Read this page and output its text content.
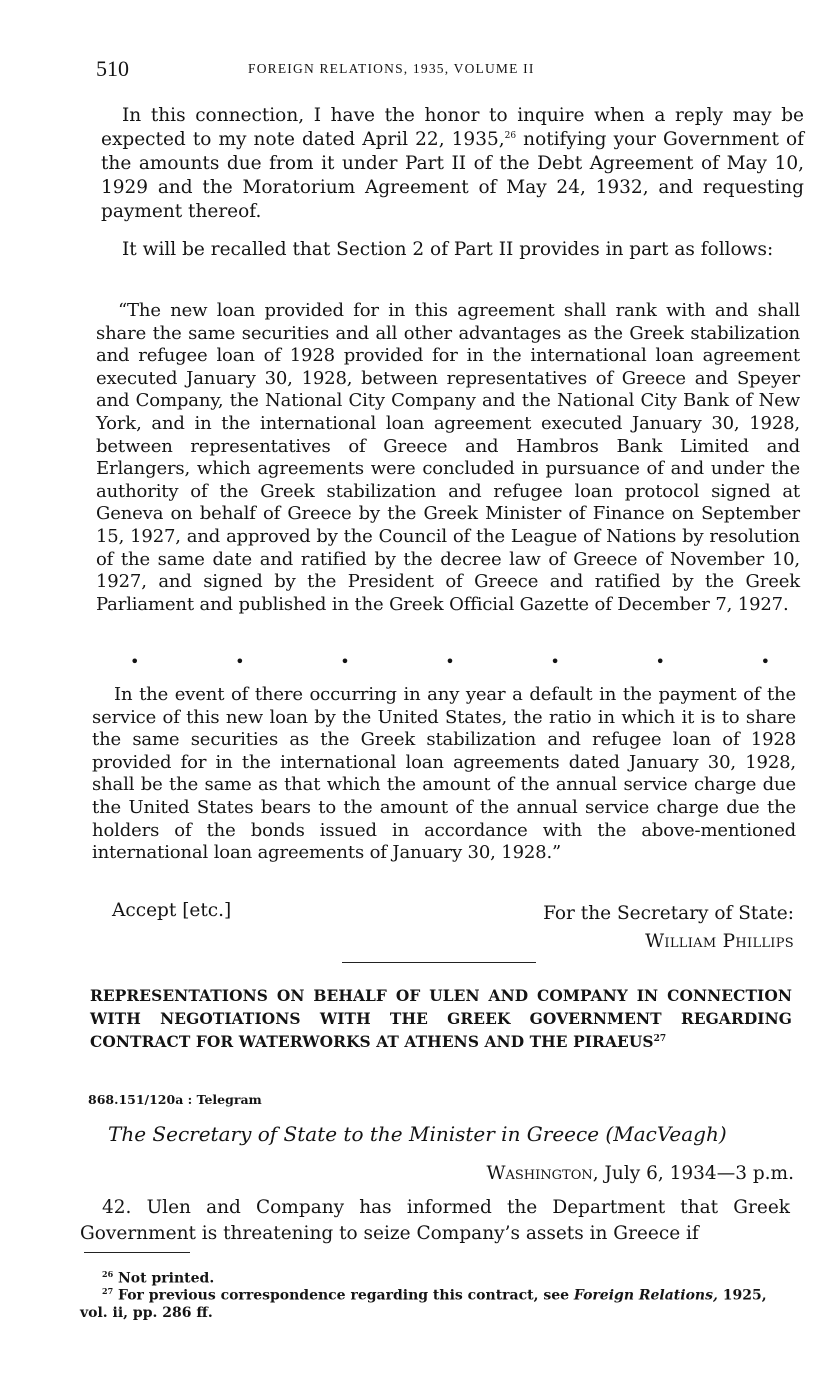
510	FOREIGN RELATIONS, 1935, VOLUME II

In this connection, I have the honor to inquire when a reply may be expected to my note dated April 22, 1935,26 notifying your Government of the amounts due from it under Part II of the Debt Agreement of May 10, 1929 and the Moratorium Agreement of May 24, 1932, and requesting payment thereof.

It will be recalled that Section 2 of Part II provides in part as follows:

“The new loan provided for in this agreement shall rank with and shall share the same securities and all other advantages as the Greek stabilization and refugee loan of 1928 provided for in the international loan agreement executed January 30, 1928, between representatives of Greece and Speyer and Company, the National City Company and the National City Bank of New York, and in the international loan agreement executed January 30, 1928, between representatives of Greece and Hambros Bank Limited and Erlangers, which agreements were concluded in pursuance of and under the authority of the Greek stabilization and refugee loan protocol signed at Geneva on behalf of Greece by the Greek Minister of Finance on September 15, 1927, and approved by the Council of the League of Nations by resolution of the same date and ratified by the decree law of Greece of November 10, 1927, and signed by the President of Greece and ratified by the Greek Parliament and published in the Greek Official Gazette of December 7, 1927.

•	•	•	•	•	•	•

In the event of there occurring in any year a default in the payment of the service of this new loan by the United States, the ratio in which it is to share the same securities as the Greek stabilization and refugee loan of 1928 provided for in the international loan agreements dated January 30, 1928, shall be the same as that which the amount of the annual service charge due the United States bears to the amount of the annual service charge due the holders of the bonds issued in accordance with the above-mentioned international loan agreements of January 30, 1928.”

Accept [etc.]	For the Secretary of State:
William Phillips
REPRESENTATIONS ON BEHALF OF ULEN AND COMPANY IN CONNECTION WITH NEGOTIATIONS WITH THE GREEK GOVERNMENT REGARDING CONTRACT FOR WATERWORKS AT ATHENS AND THE PIRAEUS$^{27}$
868.151/120a : Telegram
The Secretary of State to the Minister in Greece (MacVeagh)
Washington, July 6, 1934—3 p.m.

42. Ulen and Company has informed the Department that Greek Government is threatening to seize Company’s assets in Greece if

$^{26}$ Not printed.
$^{27}$ For previous correspondence regarding this contract, see Foreign Relations, 1925, vol. ii, pp. 286 ff.
